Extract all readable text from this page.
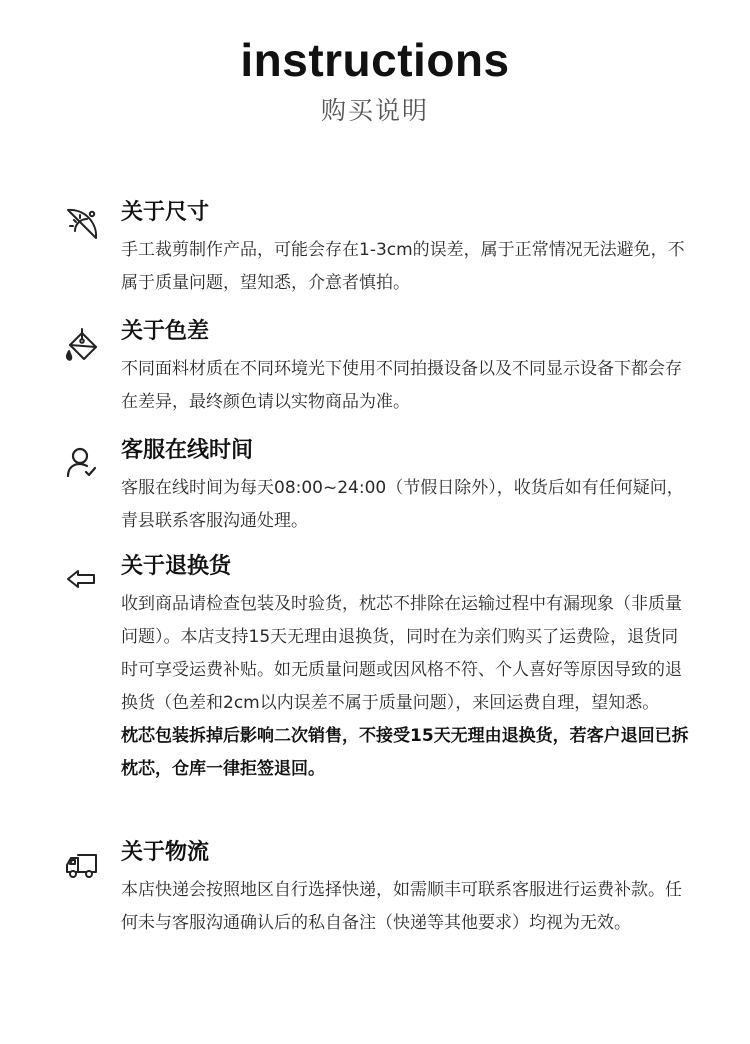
instructions
购买说明
关于尺寸

手工裁剪制作产品，可能会存在1-3cm的误差，属于正常情况无法避免，不属于质量问题，望知悉，介意者慎拍。

关于色差

不同面料材质在不同环境光下使用不同拍摄设备以及不同显示设备下都会存在差异，最终颜色请以实物商品为准。

客服在线时间

客服在线时间为每天08:00~24:00（节假日除外），收货后如有任何疑问，青县联系客服沟通处理。

关于退换货

收到商品请检查包装及时验货，枕芯不排除在运输过程中有漏现象（非质量问题）。本店支持15天无理由退换货，同时在为亲们购买了运费险，退货同时可享受运费补贴。如无质量问题或因风格不符、个人喜好等原因导致的退换货（色差和2cm以内误差不属于质量问题），来回运费自理，望知悉。

枕芯包装拆掉后影响二次销售，不接受15天无理由退换货，若客户退回已拆枕芯，仓库一律拒签退回。

关于物流

本店快递会按照地区自行选择快递，如需顺丰可联系客服进行运费补款。任何未与客服沟通确认后的私自备注（快递等其他要求）均视为无效。
